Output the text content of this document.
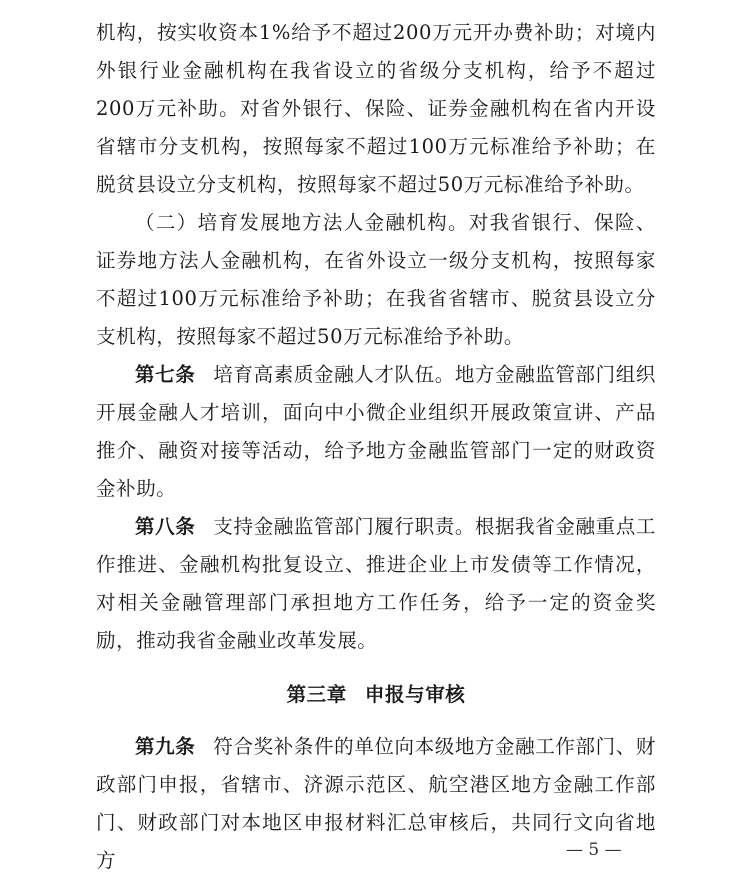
机构，按实收资本1%给予不超过200万元开办费补助；对境内外银行业金融机构在我省设立的省级分支机构，给予不超过200万元补助。对省外银行、保险、证券金融机构在省内开设省辖市分支机构，按照每家不超过100万元标准给予补助；在脱贫县设立分支机构，按照每家不超过50万元标准给予补助。

（二）培育发展地方法人金融机构。对我省银行、保险、证券地方法人金融机构，在省外设立一级分支机构，按照每家不超过100万元标准给予补助；在我省省辖市、脱贫县设立分支机构，按照每家不超过50万元标准给予补助。

第七条 培育高素质金融人才队伍。地方金融监管部门组织开展金融人才培训，面向中小微企业组织开展政策宣讲、产品推介、融资对接等活动，给予地方金融监管部门一定的财政资金补助。

第八条 支持金融监管部门履行职责。根据我省金融重点工作推进、金融机构批复设立、推进企业上市发债等工作情况，对相关金融管理部门承担地方工作任务，给予一定的资金奖励，推动我省金融业改革发展。

第三章 申报与审核

第九条 符合奖补条件的单位向本级地方金融工作部门、财政部门申报，省辖市、济源示范区、航空港区地方金融工作部门、财政部门对本地区申报材料汇总审核后，共同行文向省地方	— 5 —
